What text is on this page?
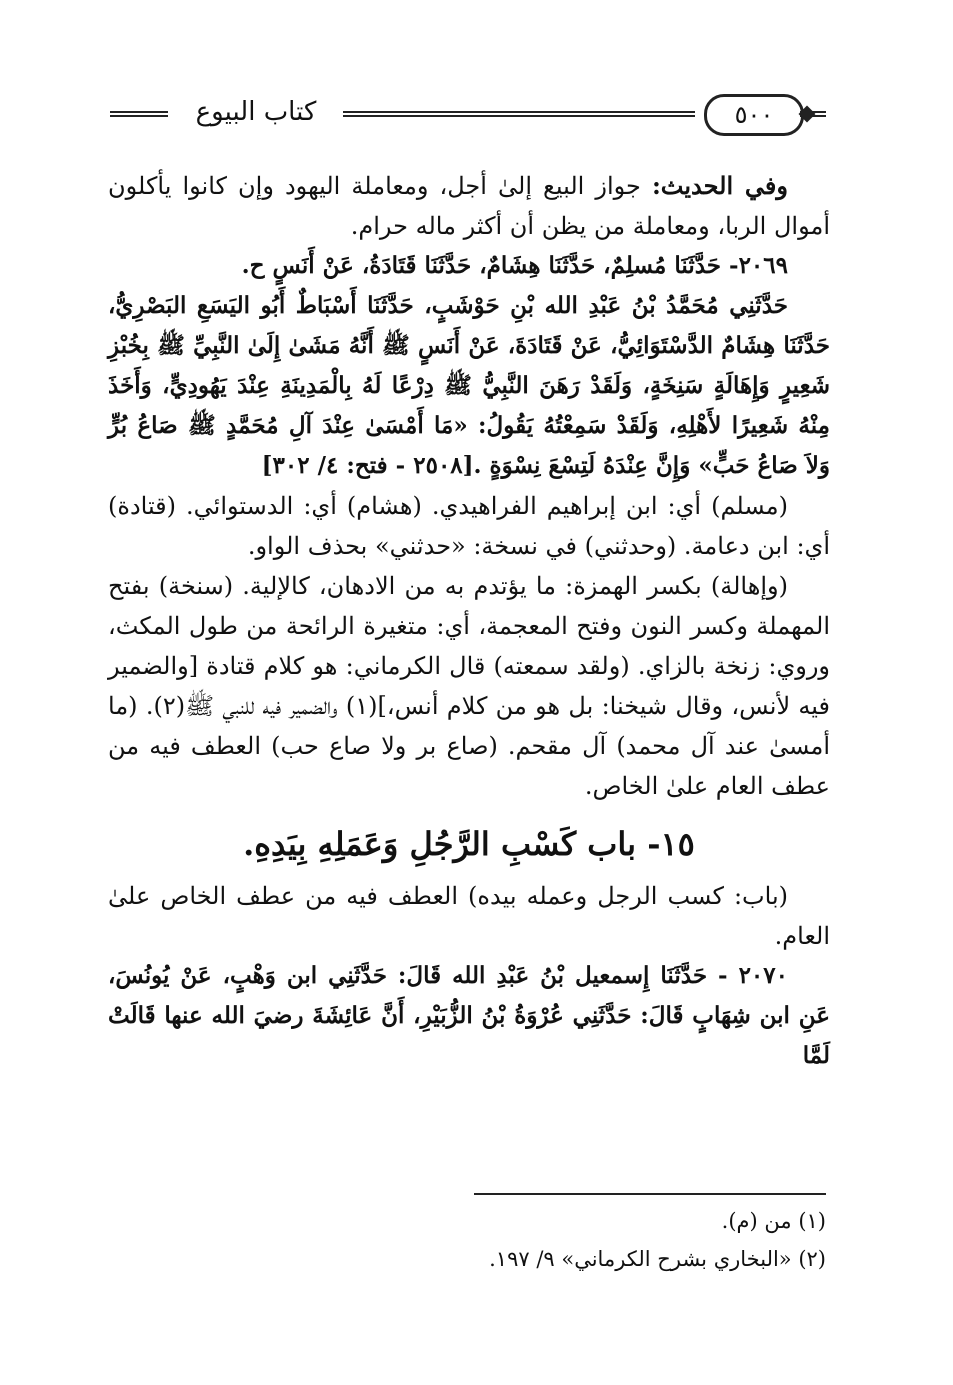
كتاب البيوع	٥٠٠

وفي الحديث: جواز البيع إلىٰ أجل، ومعاملة اليهود وإن كانوا يأكلون أموال الربا، ومعاملة من يظن أن أكثر ماله حرام.

٢٠٦٩- حَدَّثَنَا مُسلِمٌ، حَدَّثَنَا هِشَامٌ، حَدَّثَنَا قَتَادَةُ، عَنْ أَنَسٍ ح.

حَدَّثَنِي مُحَمَّدُ بْنُ عَبْدِ الله بْنِ حَوْشَبٍ، حَدَّثَنَا أَسْبَاطٌ أَبُو اليَسَعِ البَصْرِيُّ، حَدَّثَنَا هِشَامٌ الدَّسْتَوَائِيُّ، عَنْ قَتَادَةَ، عَنْ أَنَسٍ ﷺ أَنَّهُ مَشَىٰ إِلَىٰ النَّبِيِّ ﷺ بِخُبْزِ شَعِيرٍ وَإِهَالَةٍ سَنِخَةٍ، وَلَقَدْ رَهَنَ النَّبِيُّ ﷺ دِرْعًا لَهُ بِالْمَدِينَةِ عِنْدَ يَهُودِيٍّ، وَأَخَذَ مِنْهُ شَعِيرًا لأَهْلِهِ، وَلَقَدْ سَمِعْتُهُ يَقُولُ: «مَا أَمْسَىٰ عِنْدَ آلِ مُحَمَّدٍ ﷺ صَاعُ بُرٍّ وَلاَ صَاعُ حَبٍّ» وَإِنَّ عِنْدَهُ لَتِسْعَ نِسْوَةٍ .[٢٥٠٨ - فتح: ٤/ ٣٠٢]

(مسلم) أي: ابن إبراهيم الفراهيدي. (هشام) أي: الدستوائي. (قتادة) أي: ابن دعامة. (وحدثني) في نسخة: «حدثني» بحذف الواو.

(وإهالة) بكسر الهمزة: ما يؤتدم به من الادهان، كالإلية. (سنخة) بفتح المهملة وكسر النون وفتح المعجمة، أي: متغيرة الرائحة من طول المكث، وروي: زنخة بالزاي. (ولقد سمعته) قال الكرماني: هو كلام قتادة [والضمير فيه لأنس، وقال شيخنا: بل هو من كلام أنس،](١) والضمير فيه للنبي ﷺ(٢). (ما أمسىٰ عند آل محمد) آل مقحم. (صاع بر ولا صاع حب) العطف فيه من عطف العام علىٰ الخاص.

١٥- باب كَسْبِ الرَّجُلِ وَعَمَلِهِ بِيَدِهِ.

(باب: كسب الرجل وعمله بيده) العطف فيه من عطف الخاص علىٰ العام.

٢٠٧٠ - حَدَّثَنَا إِسمعيل بْنُ عَبْدِ الله قَالَ: حَدَّثَنِي ابن وَهْبٍ، عَنْ يُونُسَ، عَنِ ابن شِهَابٍ قَالَ: حَدَّثَنِي عُرْوَةُ بْنُ الزُّبَيْرِ، أَنَّ عَائِشَةَ رضيَ الله عنها قَالَتْ لَمَّا

(١) من (م).

(٢) «البخاري بشرح الكرماني» ٩/ ١٩٧.
